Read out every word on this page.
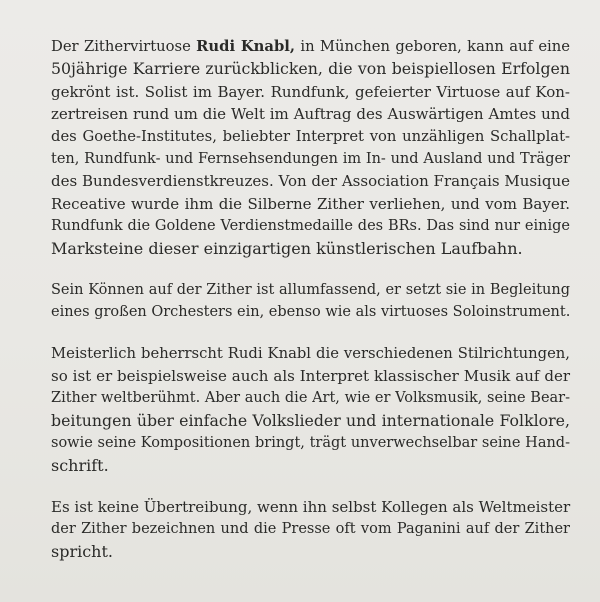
Der Zithervirtuose Rudi Knabl, in München geboren, kann auf eine
50jährige Karriere zurückblicken, die von beispiellosen Erfolgen
gekrönt ist. Solist im Bayer. Rundfunk, gefeierter Virtuose auf Kon-
zertreisen rund um die Welt im Auftrag des Auswärtigen Amtes und
des Goethe-Institutes, beliebter Interpret von unzähligen Schallplat-
ten, Rundfunk- und Fernsehsendungen im In- und Ausland und Träger
des Bundesverdienstkreuzes. Von der Association Français Musique
Receative wurde ihm die Silberne Zither verliehen, und vom Bayer.
Rundfunk die Goldene Verdienstmedaille des BRs. Das sind nur einige
Marksteine dieser einzigartigen künstlerischen Laufbahn.
Sein Können auf der Zither ist allumfassend, er setzt sie in Begleitung
eines großen Orchesters ein, ebenso wie als virtuoses Soloinstrument.
Meisterlich beherrscht Rudi Knabl die verschiedenen Stilrichtungen,
so ist er beispielsweise auch als Interpret klassischer Musik auf der
Zither weltberühmt. Aber auch die Art, wie er Volksmusik, seine Bear-
beitungen über einfache Volkslieder und internationale Folklore,
sowie seine Kompositionen bringt, trägt unverwechselbar seine Hand-
schrift.
Es ist keine Übertreibung, wenn ihn selbst Kollegen als Weltmeister
der Zither bezeichnen und die Presse oft vom Paganini auf der Zither
spricht.
